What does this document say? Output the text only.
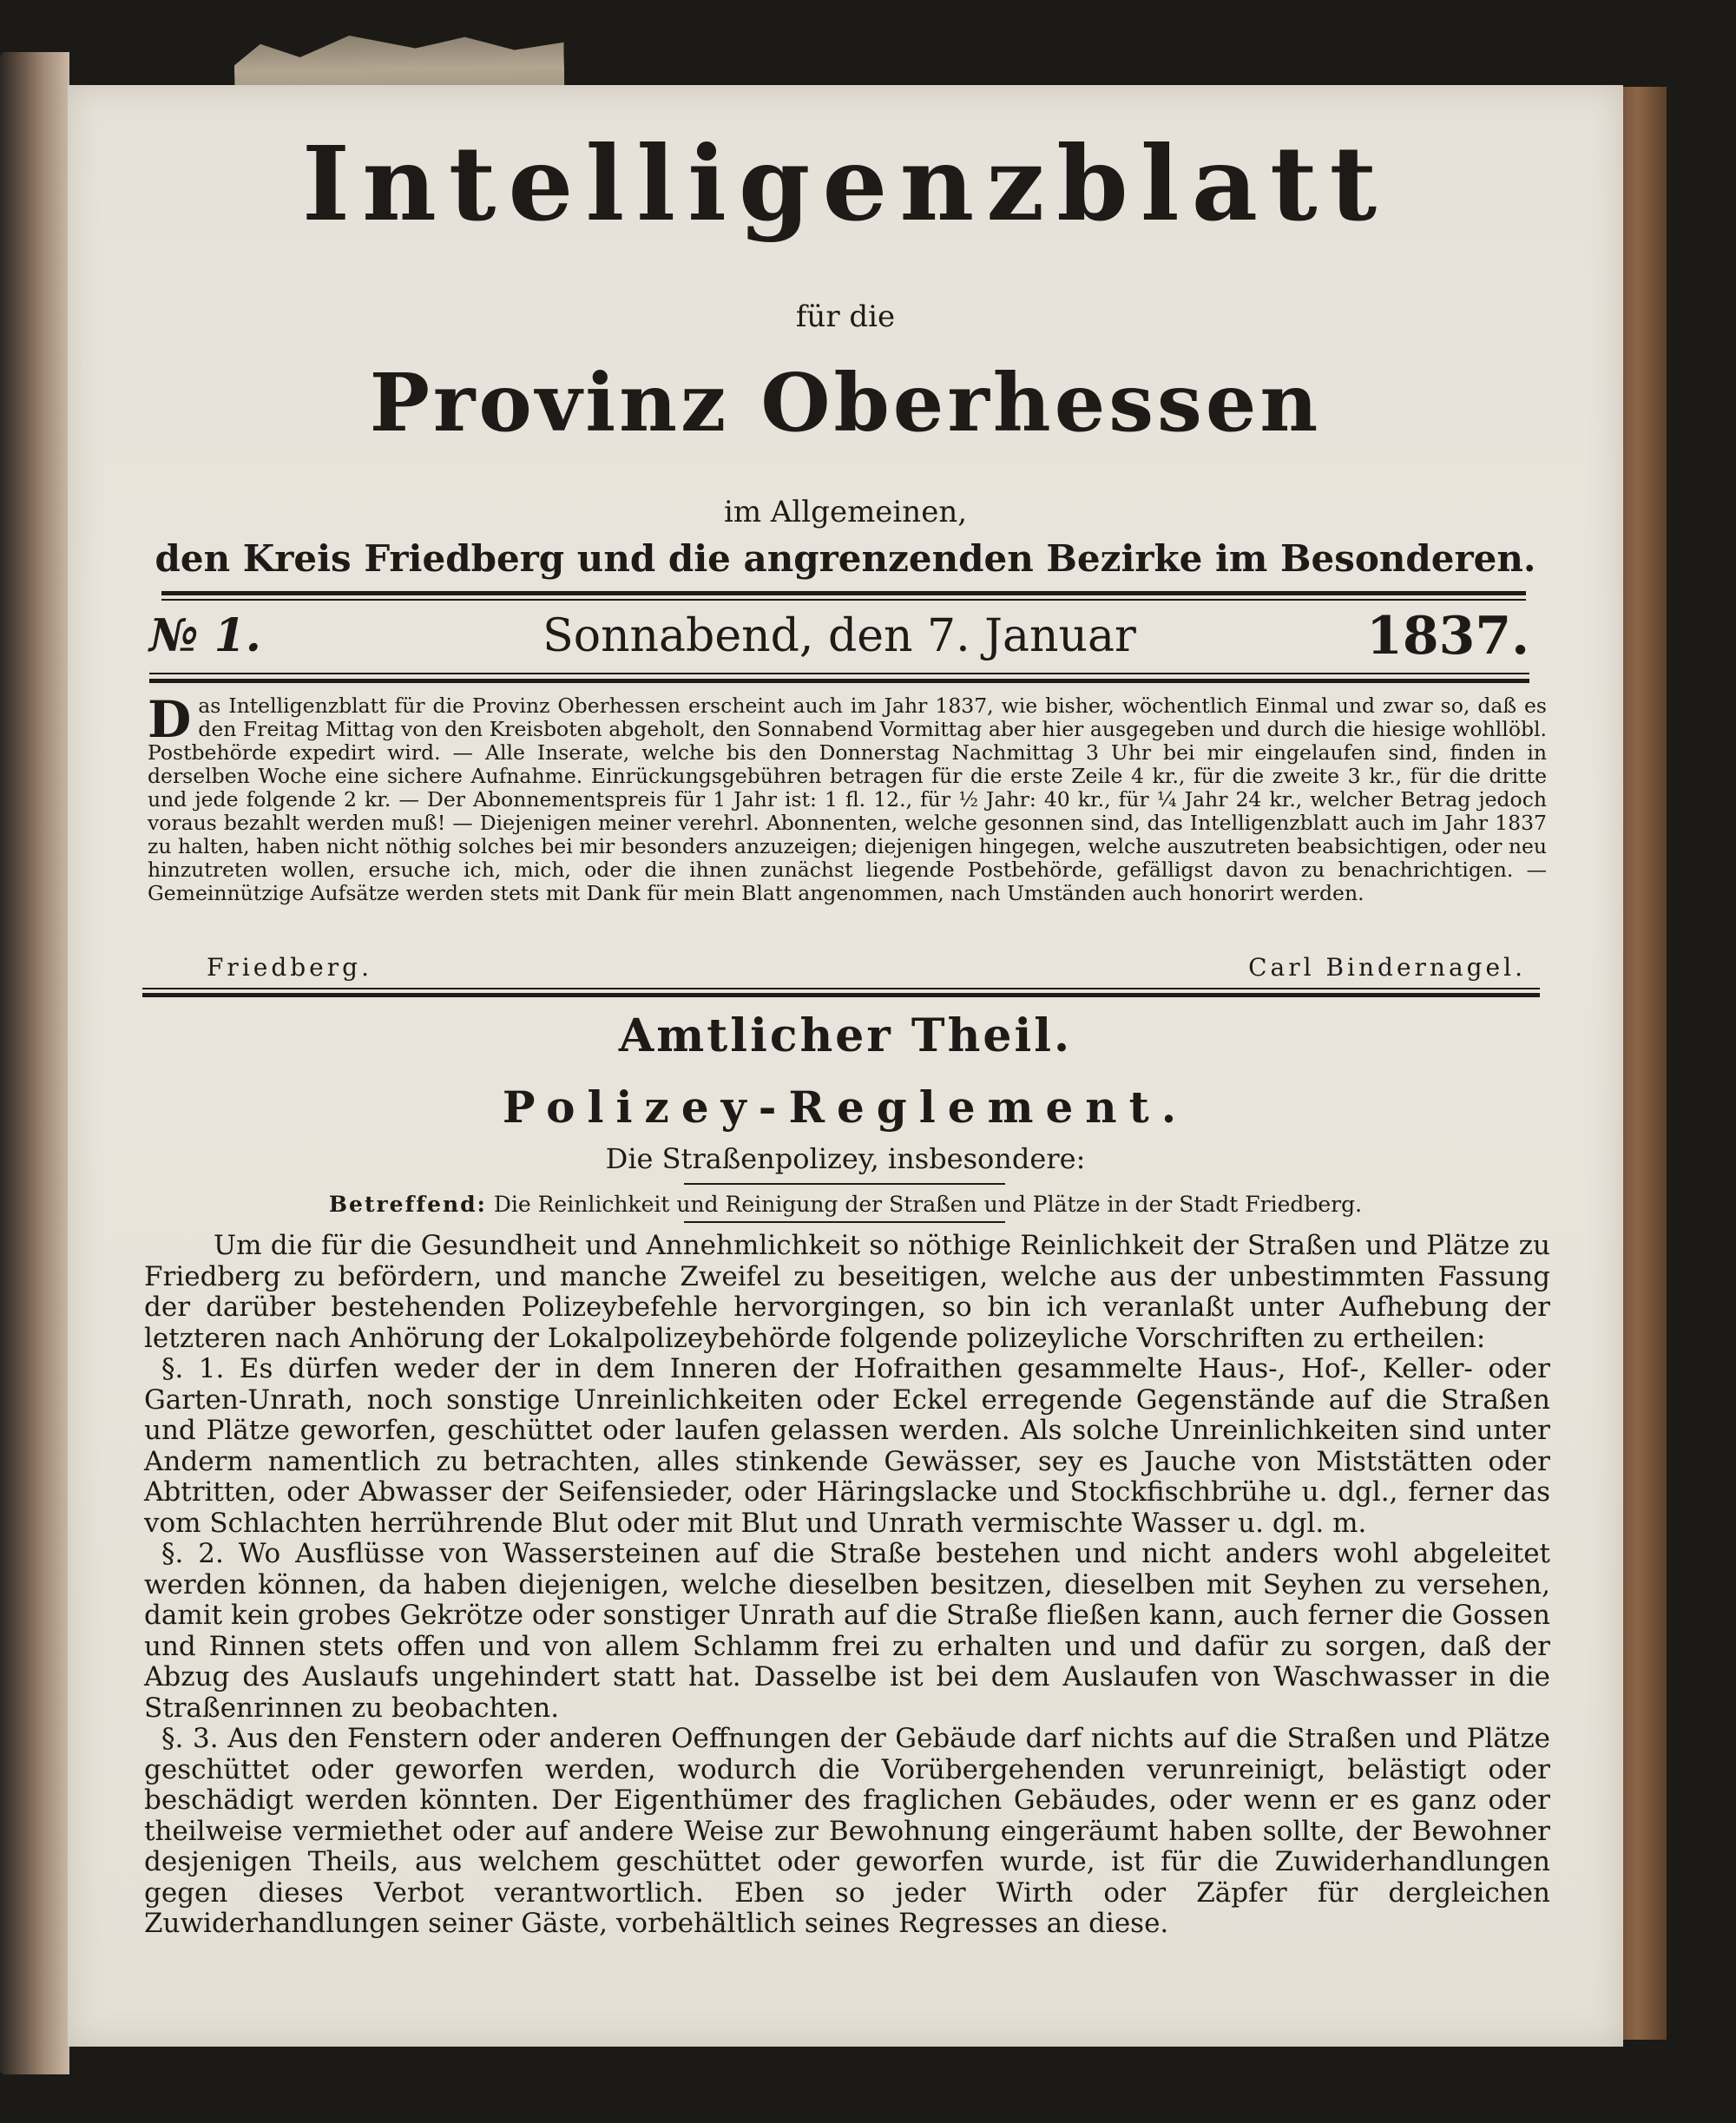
Intelligenzblatt
für die
Provinz Oberhessen
im Allgemeinen,
den Kreis Friedberg und die angrenzenden Bezirke im Besonderen.
№ 1.	Sonnabend, den 7. Januar	1837.
Das Intelligenzblatt für die Provinz Oberhessen erscheint auch im Jahr 1837, wie bisher, wöchentlich Einmal und zwar so, daß es den Freitag Mittag von den Kreisboten abgeholt, den Sonnabend Vormittag aber hier ausgegeben und durch die hiesige wohllöbl. Postbehörde expedirt wird. — Alle Inserate, welche bis den Donnerstag Nachmittag 3 Uhr bei mir eingelaufen sind, finden in derselben Woche eine sichere Aufnahme. Einrückungsgebühren betragen für die erste Zeile 4 kr., für die zweite 3 kr., für die dritte und jede folgende 2 kr. — Der Abonnementspreis für 1 Jahr ist: 1 fl. 12., für ½ Jahr: 40 kr., für ¼ Jahr 24 kr., welcher Betrag jedoch voraus bezahlt werden muß! — Diejenigen meiner verehrl. Abonnenten, welche gesonnen sind, das Intelligenzblatt auch im Jahr 1837 zu halten, haben nicht nöthig solches bei mir besonders anzuzeigen; diejenigen hingegen, welche auszutreten beabsichtigen, oder neu hinzutreten wollen, ersuche ich, mich, oder die ihnen zunächst liegende Postbehörde, gefälligst davon zu benachrichtigen. — Gemeinnützige Aufsätze werden stets mit Dank für mein Blatt angenommen, nach Umständen auch honorirt werden.
Friedberg.	Carl Bindernagel.
Amtlicher Theil.
Polizey-Reglement.
Die Straßenpolizey, insbesondere:
Betreffend: Die Reinlichkeit und Reinigung der Straßen und Plätze in der Stadt Friedberg.

Um die für die Gesundheit und Annehmlichkeit so nöthige Reinlichkeit der Straßen und Plätze zu Friedberg zu befördern, und manche Zweifel zu beseitigen, welche aus der unbestimmten Fassung der darüber bestehenden Polizeybefehle hervorgingen, so bin ich veranlaßt unter Aufhebung der letzteren nach Anhörung der Lokalpolizeybehörde folgende polizeyliche Vorschriften zu ertheilen:

§. 1. Es dürfen weder der in dem Inneren der Hofraithen gesammelte Haus-, Hof-, Keller- oder Garten-Unrath, noch sonstige Unreinlichkeiten oder Eckel erregende Gegenstände auf die Straßen und Plätze geworfen, geschüttet oder laufen gelassen werden. Als solche Unreinlichkeiten sind unter Anderm namentlich zu betrachten, alles stinkende Gewässer, sey es Jauche von Miststätten oder Abtritten, oder Abwasser der Seifensieder, oder Häringslacke und Stockfischbrühe u. dgl., ferner das vom Schlachten herrührende Blut oder mit Blut und Unrath vermischte Wasser u. dgl. m.

§. 2. Wo Ausflüsse von Wassersteinen auf die Straße bestehen und nicht anders wohl abgeleitet werden können, da haben diejenigen, welche dieselben besitzen, dieselben mit Seyhen zu versehen, damit kein grobes Gekrötze oder sonstiger Unrath auf die Straße fließen kann, auch ferner die Gossen und Rinnen stets offen und von allem Schlamm frei zu erhalten und und dafür zu sorgen, daß der Abzug des Auslaufs ungehindert statt hat. Dasselbe ist bei dem Auslaufen von Waschwasser in die Straßenrinnen zu beobachten.

§. 3. Aus den Fenstern oder anderen Oeffnungen der Gebäude darf nichts auf die Straßen und Plätze geschüttet oder geworfen werden, wodurch die Vorübergehenden verunreinigt, belästigt oder beschädigt werden könnten. Der Eigenthümer des fraglichen Gebäudes, oder wenn er es ganz oder theilweise vermiethet oder auf andere Weise zur Bewohnung eingeräumt haben sollte, der Bewohner desjenigen Theils, aus welchem geschüttet oder geworfen wurde, ist für die Zuwiderhandlungen gegen dieses Verbot verantwortlich. Eben so jeder Wirth oder Zäpfer für dergleichen Zuwiderhandlungen seiner Gäste, vorbehältlich seines Regresses an diese.
